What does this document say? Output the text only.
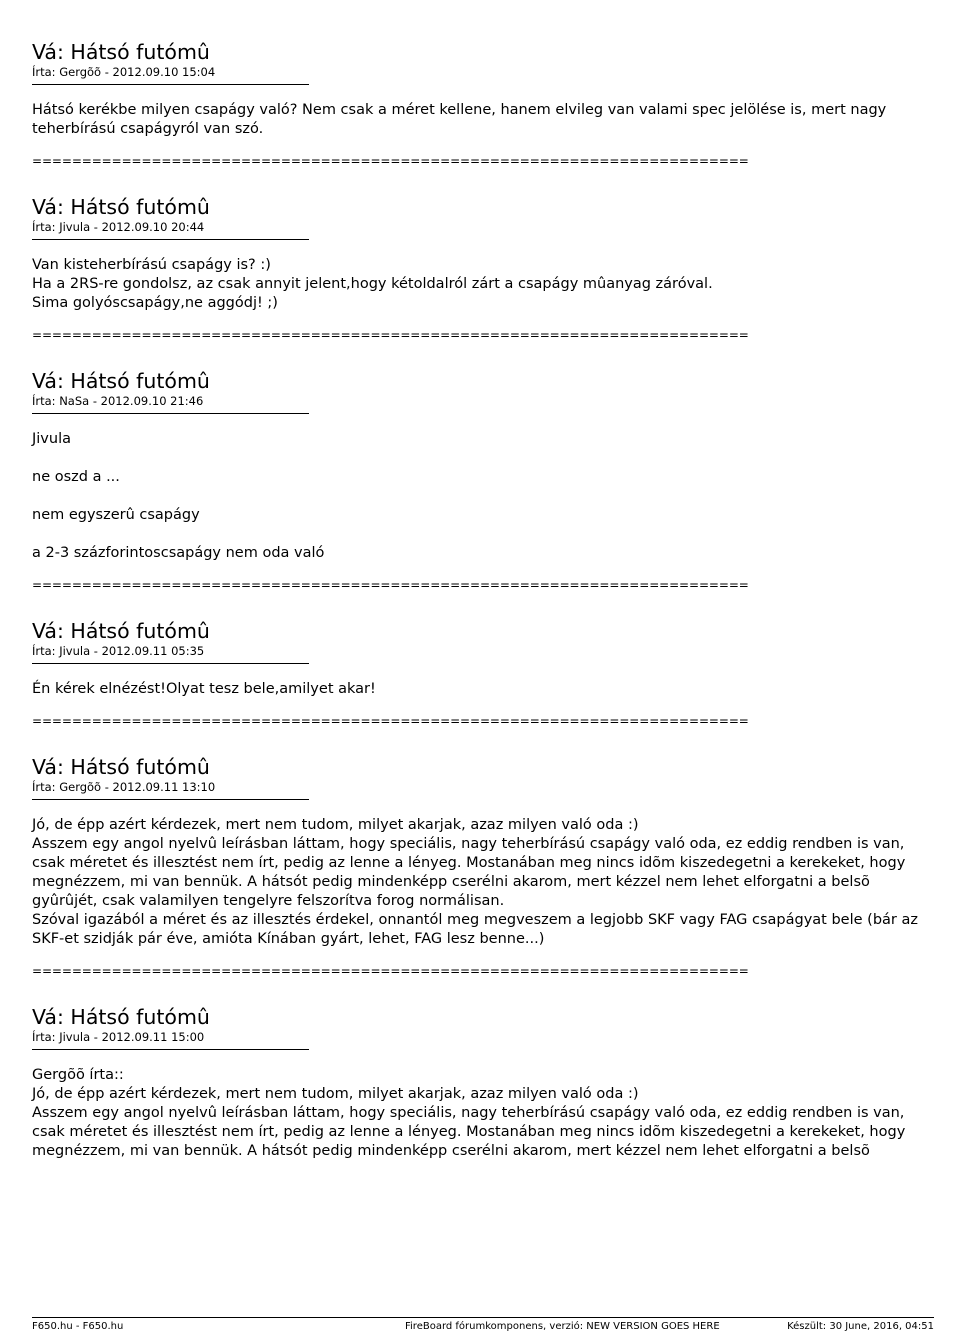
Vá: Hátsó futómû
Írta: Gergõõ - 2012.09.10 15:04

Hátsó kerékbe milyen csapágy való? Nem csak a méret kellene, hanem elvileg van valami spec jelölése is, mert nagy teherbírású csapágyról van szó.

========================================================================
Vá: Hátsó futómû
Írta: Jivula - 2012.09.10 20:44

Van kisteherbírású csapágy is? :)
Ha a 2RS-re gondolsz, az csak annyit jelent,hogy kétoldalról zárt a csapágy mûanyag záróval.
Sima golyóscsapágy,ne aggódj! ;)

========================================================================
Vá: Hátsó futómû
Írta: NaSa - 2012.09.10 21:46

Jivula

ne oszd a ...

nem egyszerû csapágy

a 2-3 százforintoscsapágy nem oda való

========================================================================
Vá: Hátsó futómû
Írta: Jivula - 2012.09.11 05:35

Én kérek elnézést!Olyat tesz bele,amilyet akar!

========================================================================
Vá: Hátsó futómû
Írta: Gergõõ - 2012.09.11 13:10

Jó, de épp azért kérdezek, mert nem tudom, milyet akarjak, azaz milyen való oda :)
Asszem egy angol nyelvû leírásban láttam, hogy speciális, nagy teherbírású csapágy való oda, ez eddig rendben is van, csak méretet és illesztést nem írt, pedig az lenne a lényeg. Mostanában meg nincs idõm kiszedegetni a kerekeket, hogy megnézzem, mi van bennük. A hátsót pedig mindenképp cserélni akarom, mert kézzel nem lehet elforgatni a belsõ gyûrûjét, csak valamilyen tengelyre felszorítva forog normálisan.
Szóval igazából a méret és az illesztés érdekel, onnantól meg megveszem a legjobb SKF vagy FAG csapágyat bele (bár az SKF-et szidják pár éve, amióta Kínában gyárt, lehet, FAG lesz benne...)

========================================================================
Vá: Hátsó futómû
Írta: Jivula - 2012.09.11 15:00

Gergõõ írta::
Jó, de épp azért kérdezek, mert nem tudom, milyet akarjak, azaz milyen való oda :)
Asszem egy angol nyelvû leírásban láttam, hogy speciális, nagy teherbírású csapágy való oda, ez eddig rendben is van, csak méretet és illesztést nem írt, pedig az lenne a lényeg. Mostanában meg nincs idõm kiszedegetni a kerekeket, hogy megnézzem, mi van bennük. A hátsót pedig mindenképp cserélni akarom, mert kézzel nem lehet elforgatni a belsõ

F650.hu - F650.hu	FireBoard fórumkomponens, verzió: NEW VERSION GOES HERE	Készült: 30 June, 2016, 04:51
